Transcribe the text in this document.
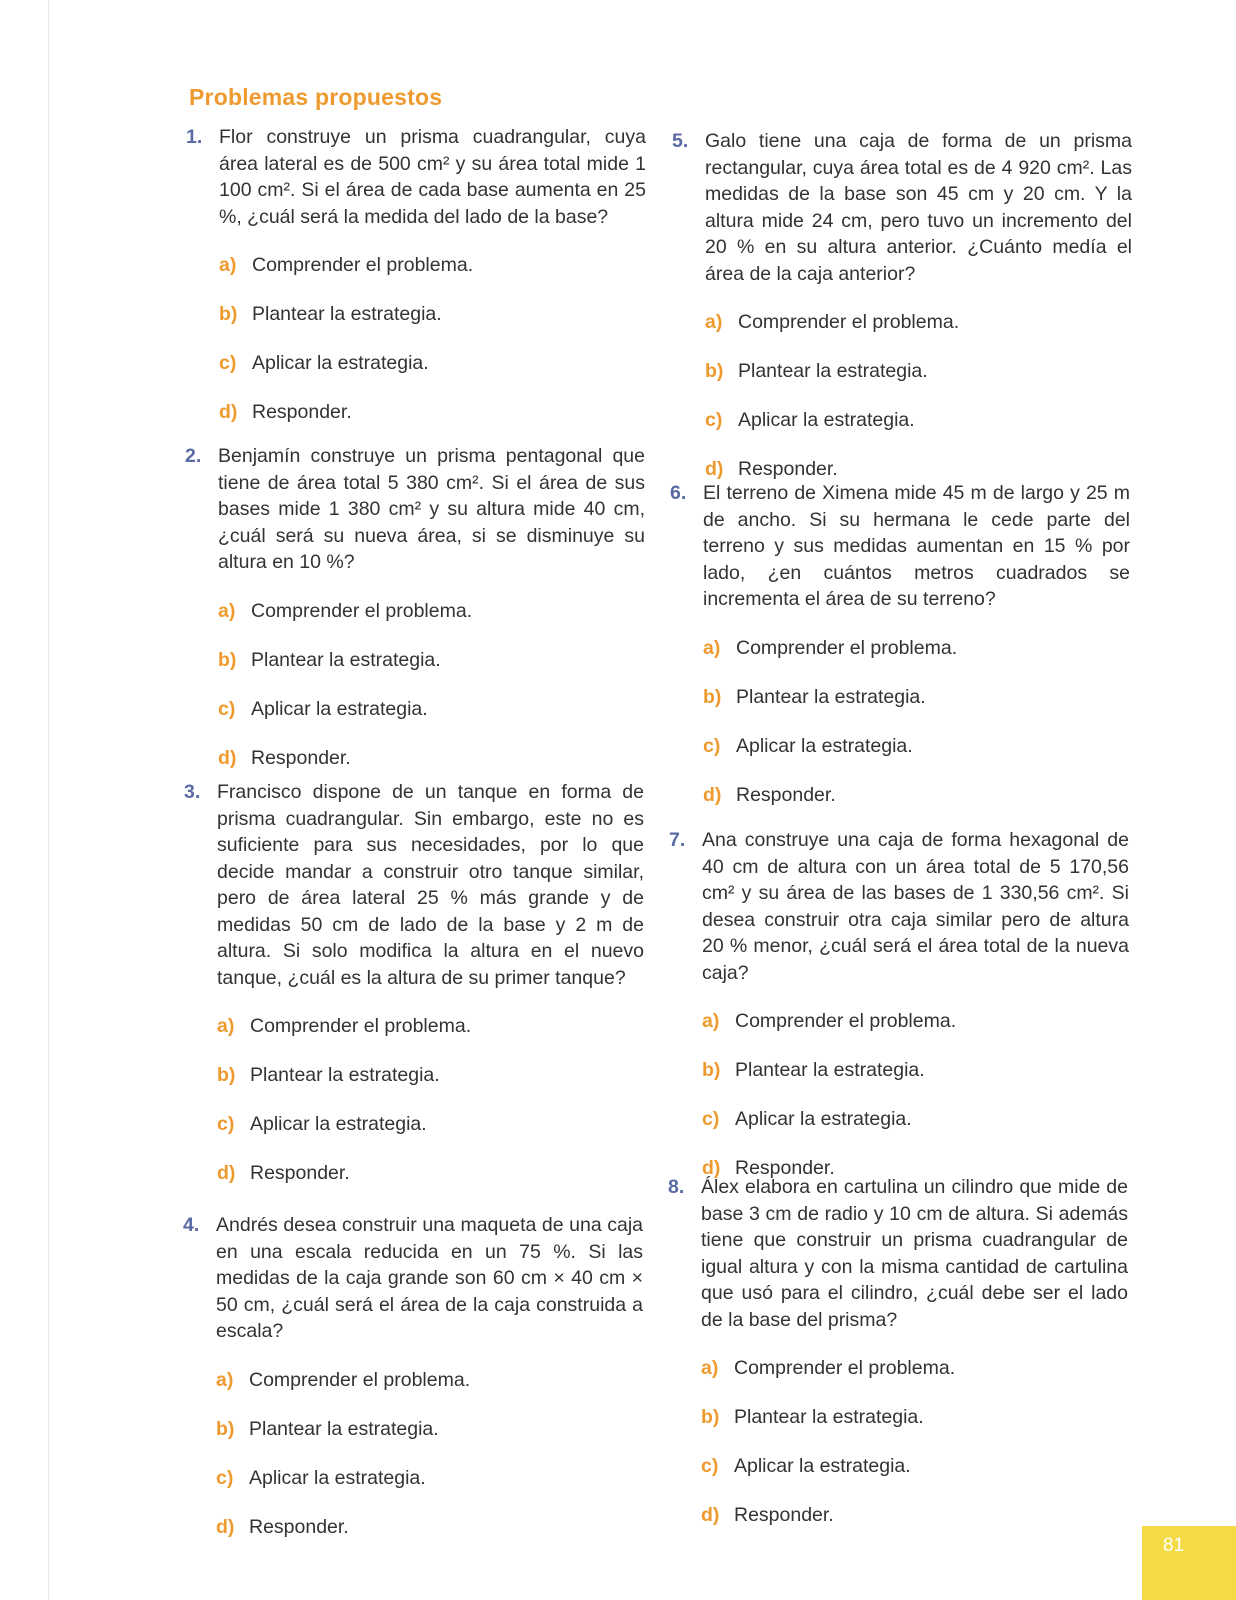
Problemas propuestos

1. Flor construye un prisma cuadrangular, cuya área lateral es de 500 cm² y su área total mide 1 100 cm². Si el área de cada base aumenta en 25 %, ¿cuál será la medida del lado de la base?

a) Comprender el problema.
b) Plantear la estrategia.
c) Aplicar la estrategia.
d) Responder.

2. Benjamín construye un prisma pentagonal que tiene de área total 5 380 cm². Si el área de sus bases mide 1 380 cm² y su altura mide 40 cm, ¿cuál será su nueva área, si se disminuye su altura en 10 %?

a) Comprender el problema.
b) Plantear la estrategia.
c) Aplicar la estrategia.
d) Responder.

3. Francisco dispone de un tanque en forma de prisma cuadrangular. Sin embargo, este no es suficiente para sus necesidades, por lo que decide mandar a construir otro tanque similar, pero de área lateral 25 % más grande y de medidas 50 cm de lado de la base y 2 m de altura. Si solo modifica la altura en el nuevo tanque, ¿cuál es la altura de su primer tanque?

a) Comprender el problema.
b) Plantear la estrategia.
c) Aplicar la estrategia.
d) Responder.

4. Andrés desea construir una maqueta de una caja en una escala reducida en un 75 %. Si las medidas de la caja grande son 60 cm × 40 cm × 50 cm, ¿cuál será el área de la caja construida a escala?

a) Comprender el problema.
b) Plantear la estrategia.
c) Aplicar la estrategia.
d) Responder.

5. Galo tiene una caja de forma de un prisma rectangular, cuya área total es de 4 920 cm². Las medidas de la base son 45 cm y 20 cm. Y la altura mide 24 cm, pero tuvo un incremento del 20 % en su altura anterior. ¿Cuánto medía el área de la caja anterior?

a) Comprender el problema.
b) Plantear la estrategia.
c) Aplicar la estrategia.
d) Responder.

6. El terreno de Ximena mide 45 m de largo y 25 m de ancho. Si su hermana le cede parte del terreno y sus medidas aumentan en 15 % por lado, ¿en cuántos metros cuadrados se incrementa el área de su terreno?

a) Comprender el problema.
b) Plantear la estrategia.
c) Aplicar la estrategia.
d) Responder.

7. Ana construye una caja de forma hexagonal de 40 cm de altura con un área total de 5 170,56 cm² y su área de las bases de 1 330,56 cm². Si desea construir otra caja similar pero de altura 20 % menor, ¿cuál será el área total de la nueva caja?

a) Comprender el problema.
b) Plantear la estrategia.
c) Aplicar la estrategia.
d) Responder.

8. Álex elabora en cartulina un cilindro que mide de base 3 cm de radio y 10 cm de altura. Si además tiene que construir un prisma cuadrangular de igual altura y con la misma cantidad de cartulina que usó para el cilindro, ¿cuál debe ser el lado de la base del prisma?

a) Comprender el problema.
b) Plantear la estrategia.
c) Aplicar la estrategia.
d) Responder.
81
